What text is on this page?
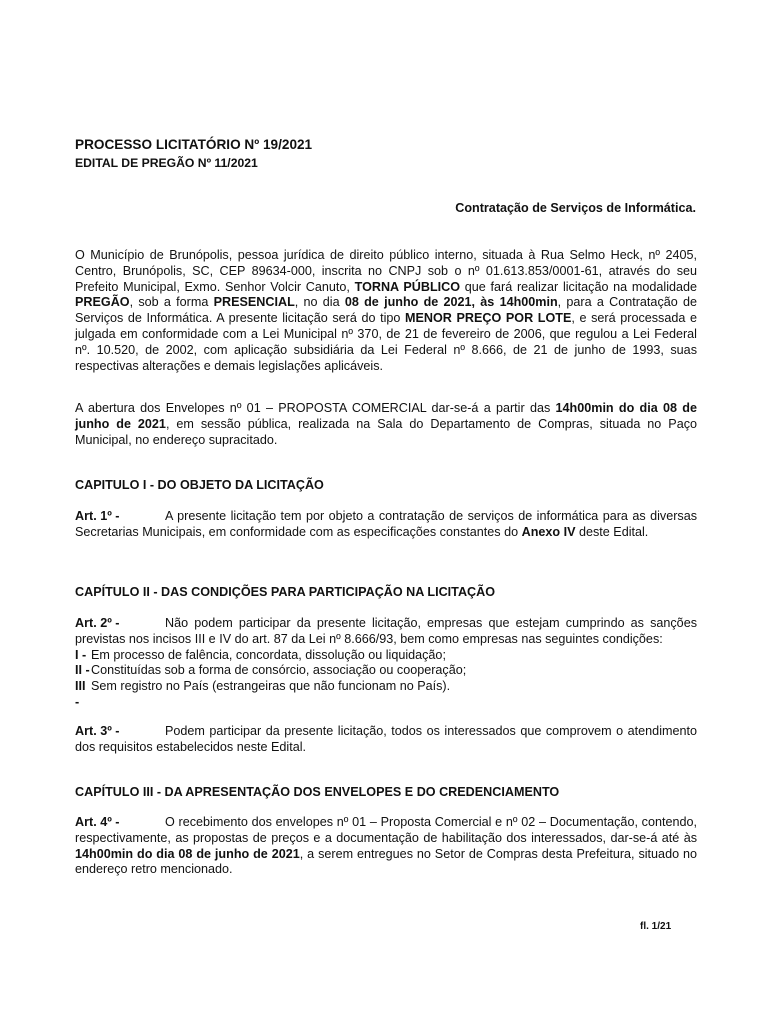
PROCESSO LICITATÓRIO Nº 19/2021

EDITAL DE PREGÃO Nº 11/2021

Contratação de Serviços de Informática.

O Município de Brunópolis, pessoa jurídica de direito público interno, situada à Rua Selmo Heck, nº 2405, Centro, Brunópolis, SC, CEP 89634-000, inscrita no CNPJ sob o nº 01.613.853/0001-61, através do seu Prefeito Municipal, Exmo. Senhor Volcir Canuto, TORNA PÚBLICO que fará realizar licitação na modalidade PREGÃO, sob a forma PRESENCIAL, no dia 08 de junho de 2021, às 14h00min, para a Contratação de Serviços de Informática. A presente licitação será do tipo MENOR PREÇO POR LOTE, e será processada e julgada em conformidade com a Lei Municipal nº 370, de 21 de fevereiro de 2006, que regulou a Lei Federal nº. 10.520, de 2002, com aplicação subsidiária da Lei Federal nº 8.666, de 21 de junho de 1993, suas respectivas alterações e demais legislações aplicáveis.

A abertura dos Envelopes nº 01 – PROPOSTA COMERCIAL dar-se-á a partir das 14h00min do dia 08 de junho de 2021, em sessão pública, realizada na Sala do Departamento de Compras, situada no Paço Municipal, no endereço supracitado.

CAPITULO I - DO OBJETO DA LICITAÇÃO

Art. 1º -	A presente licitação tem por objeto a contratação de serviços de informática para as diversas Secretarias Municipais, em conformidade com as especificações constantes do Anexo IV deste Edital.

CAPÍTULO II - DAS CONDIÇÕES PARA PARTICIPAÇÃO NA LICITAÇÃO

Art. 2º -	Não podem participar da presente licitação, empresas que estejam cumprindo as sanções previstas nos incisos III e IV do art. 87 da Lei nº 8.666/93, bem como empresas nas seguintes condições:
I - Em processo de falência, concordata, dissolução ou liquidação;
II - Constituídas sob a forma de consórcio, associação ou cooperação;
III -
Sem registro no País (estrangeiras que não funcionam no País).

Art. 3º -	Podem participar da presente licitação, todos os interessados que comprovem o atendimento dos requisitos estabelecidos neste Edital.

CAPÍTULO III - DA APRESENTAÇÃO DOS ENVELOPES E DO CREDENCIAMENTO

Art. 4º -	O recebimento dos envelopes nº 01 – Proposta Comercial e nº 02 – Documentação, contendo, respectivamente, as propostas de preços e a documentação de habilitação dos interessados, dar-se-á até às 14h00min do dia 08 de junho de 2021, a serem entregues no Setor de Compras desta Prefeitura, situado no endereço retro mencionado.

fl. 1/21
